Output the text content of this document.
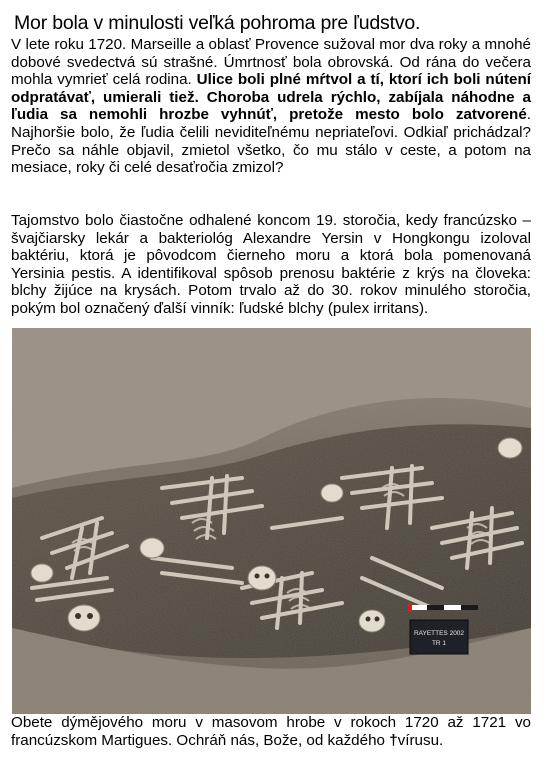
Mor bola v minulosti veľká pohroma pre ľudstvo.

V lete roku 1720. Marseille a oblasť Provence sužoval mor dva roky a mnohé dobové svedectvá sú strašné. Úmrtnosť bola obrovská. Od rána do večera mohla vymrieť celá rodina. Ulice boli plné mŕtvol a tí, ktorí ich boli nútení odpratávať, umierali tiež. Choroba udrela rýchlo, zabíjala náhodne a ľudia sa nemohli hrozbe vyhnúť, pretože mesto bolo zatvorené. Najhoršie bolo, že ľudia čelili neviditeľnému nepriateľovi. Odkiaľ prichádzal? Prečo sa náhle objavil, zmietol všetko, čo mu stálo v ceste, a potom na mesiace, roky či celé desaťročia zmizol?

Tajomstvo bolo čiastočne odhalené koncom 19. storočia, kedy francúzsko – švajčiarsky lekár a bakteriológ Alexandre Yersin v Hongkongu izoloval baktériu, ktorá je pôvodcom čierneho moru a ktorá bola pomenovaná Yersinia pestis. A identifikoval spôsob prenosu baktérie z krýs na človeka: blchy žijúce na krysách. Potom trvalo až do 30. rokov minulého storočia, pokým bol označený ďalší vinník: ľudské blchy (pulex irritans).

RAYETTES 2002
TR 1

Obete dýmějového moru v masovom hrobe v rokoch 1720 až 1721 vo francúzskom Martigues. Ochráň nás, Bože, od každého †vírusu.
